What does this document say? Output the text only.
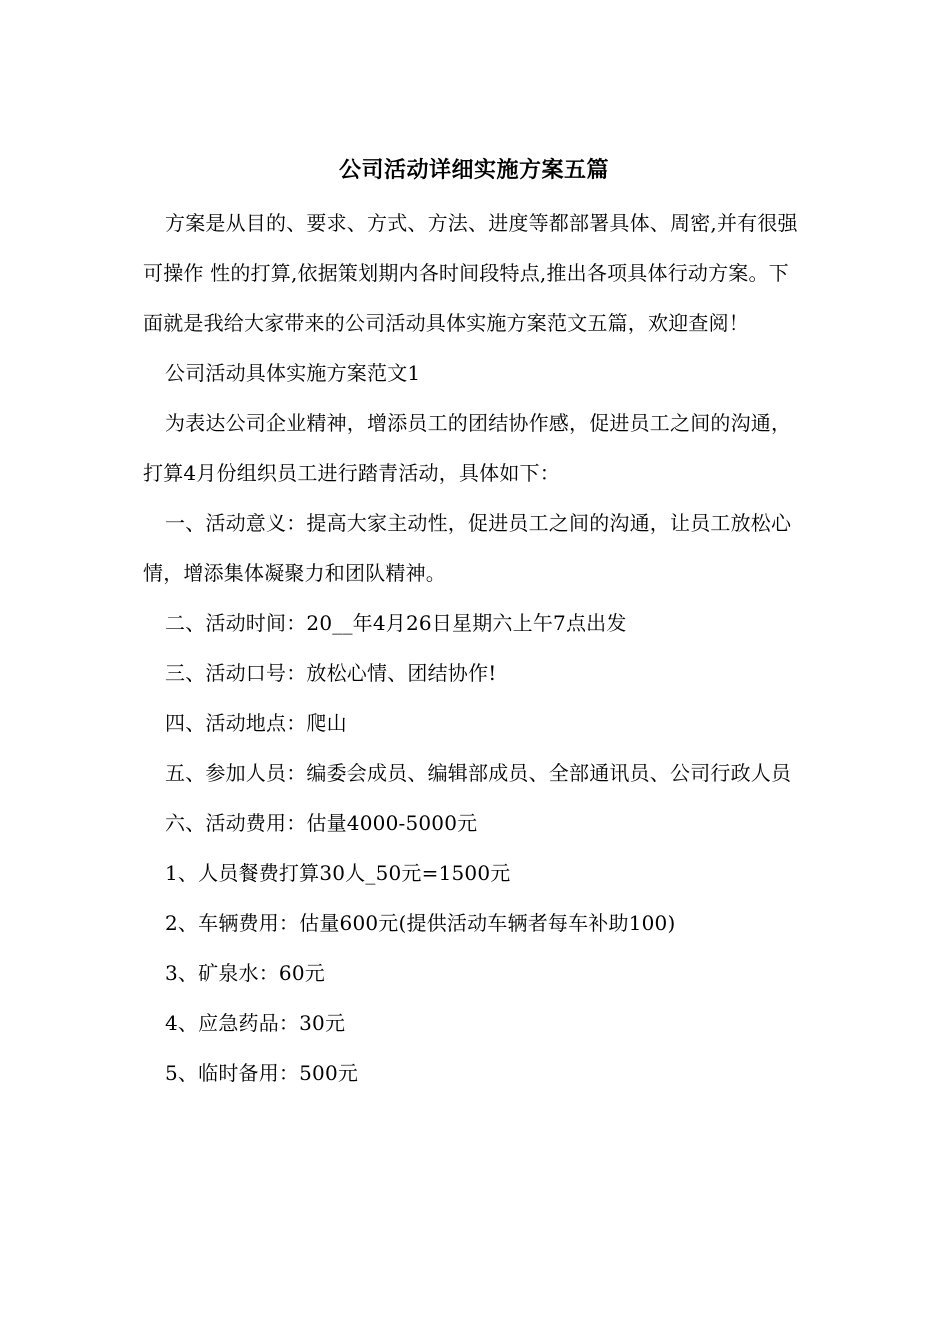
公司活动详细实施方案五篇

方案是从目的、要求、方式、方法、进度等都部署具体、周密,并有很强可操作 性的打算,依据策划期内各时间段特点,推出各项具体行动方案。下面就是我给大家带来的公司活动具体实施方案范文五篇，欢迎查阅！

公司活动具体实施方案范文1

为表达公司企业精神，增添员工的团结协作感，促进员工之间的沟通，打算4月份组织员工进行踏青活动，具体如下：

一、活动意义：提高大家主动性，促进员工之间的沟通，让员工放松心情，增添集体凝聚力和团队精神。

二、活动时间：20__年4月26日星期六上午7点出发

三、活动口号：放松心情、团结协作!

四、活动地点：爬山

五、参加人员：编委会成员、编辑部成员、全部通讯员、公司行政人员

六、活动费用：估量4000-5000元

1、人员餐费打算30人_50元=1500元

2、车辆费用：估量600元(提供活动车辆者每车补助100)

3、矿泉水：60元

4、应急药品：30元

5、临时备用：500元
